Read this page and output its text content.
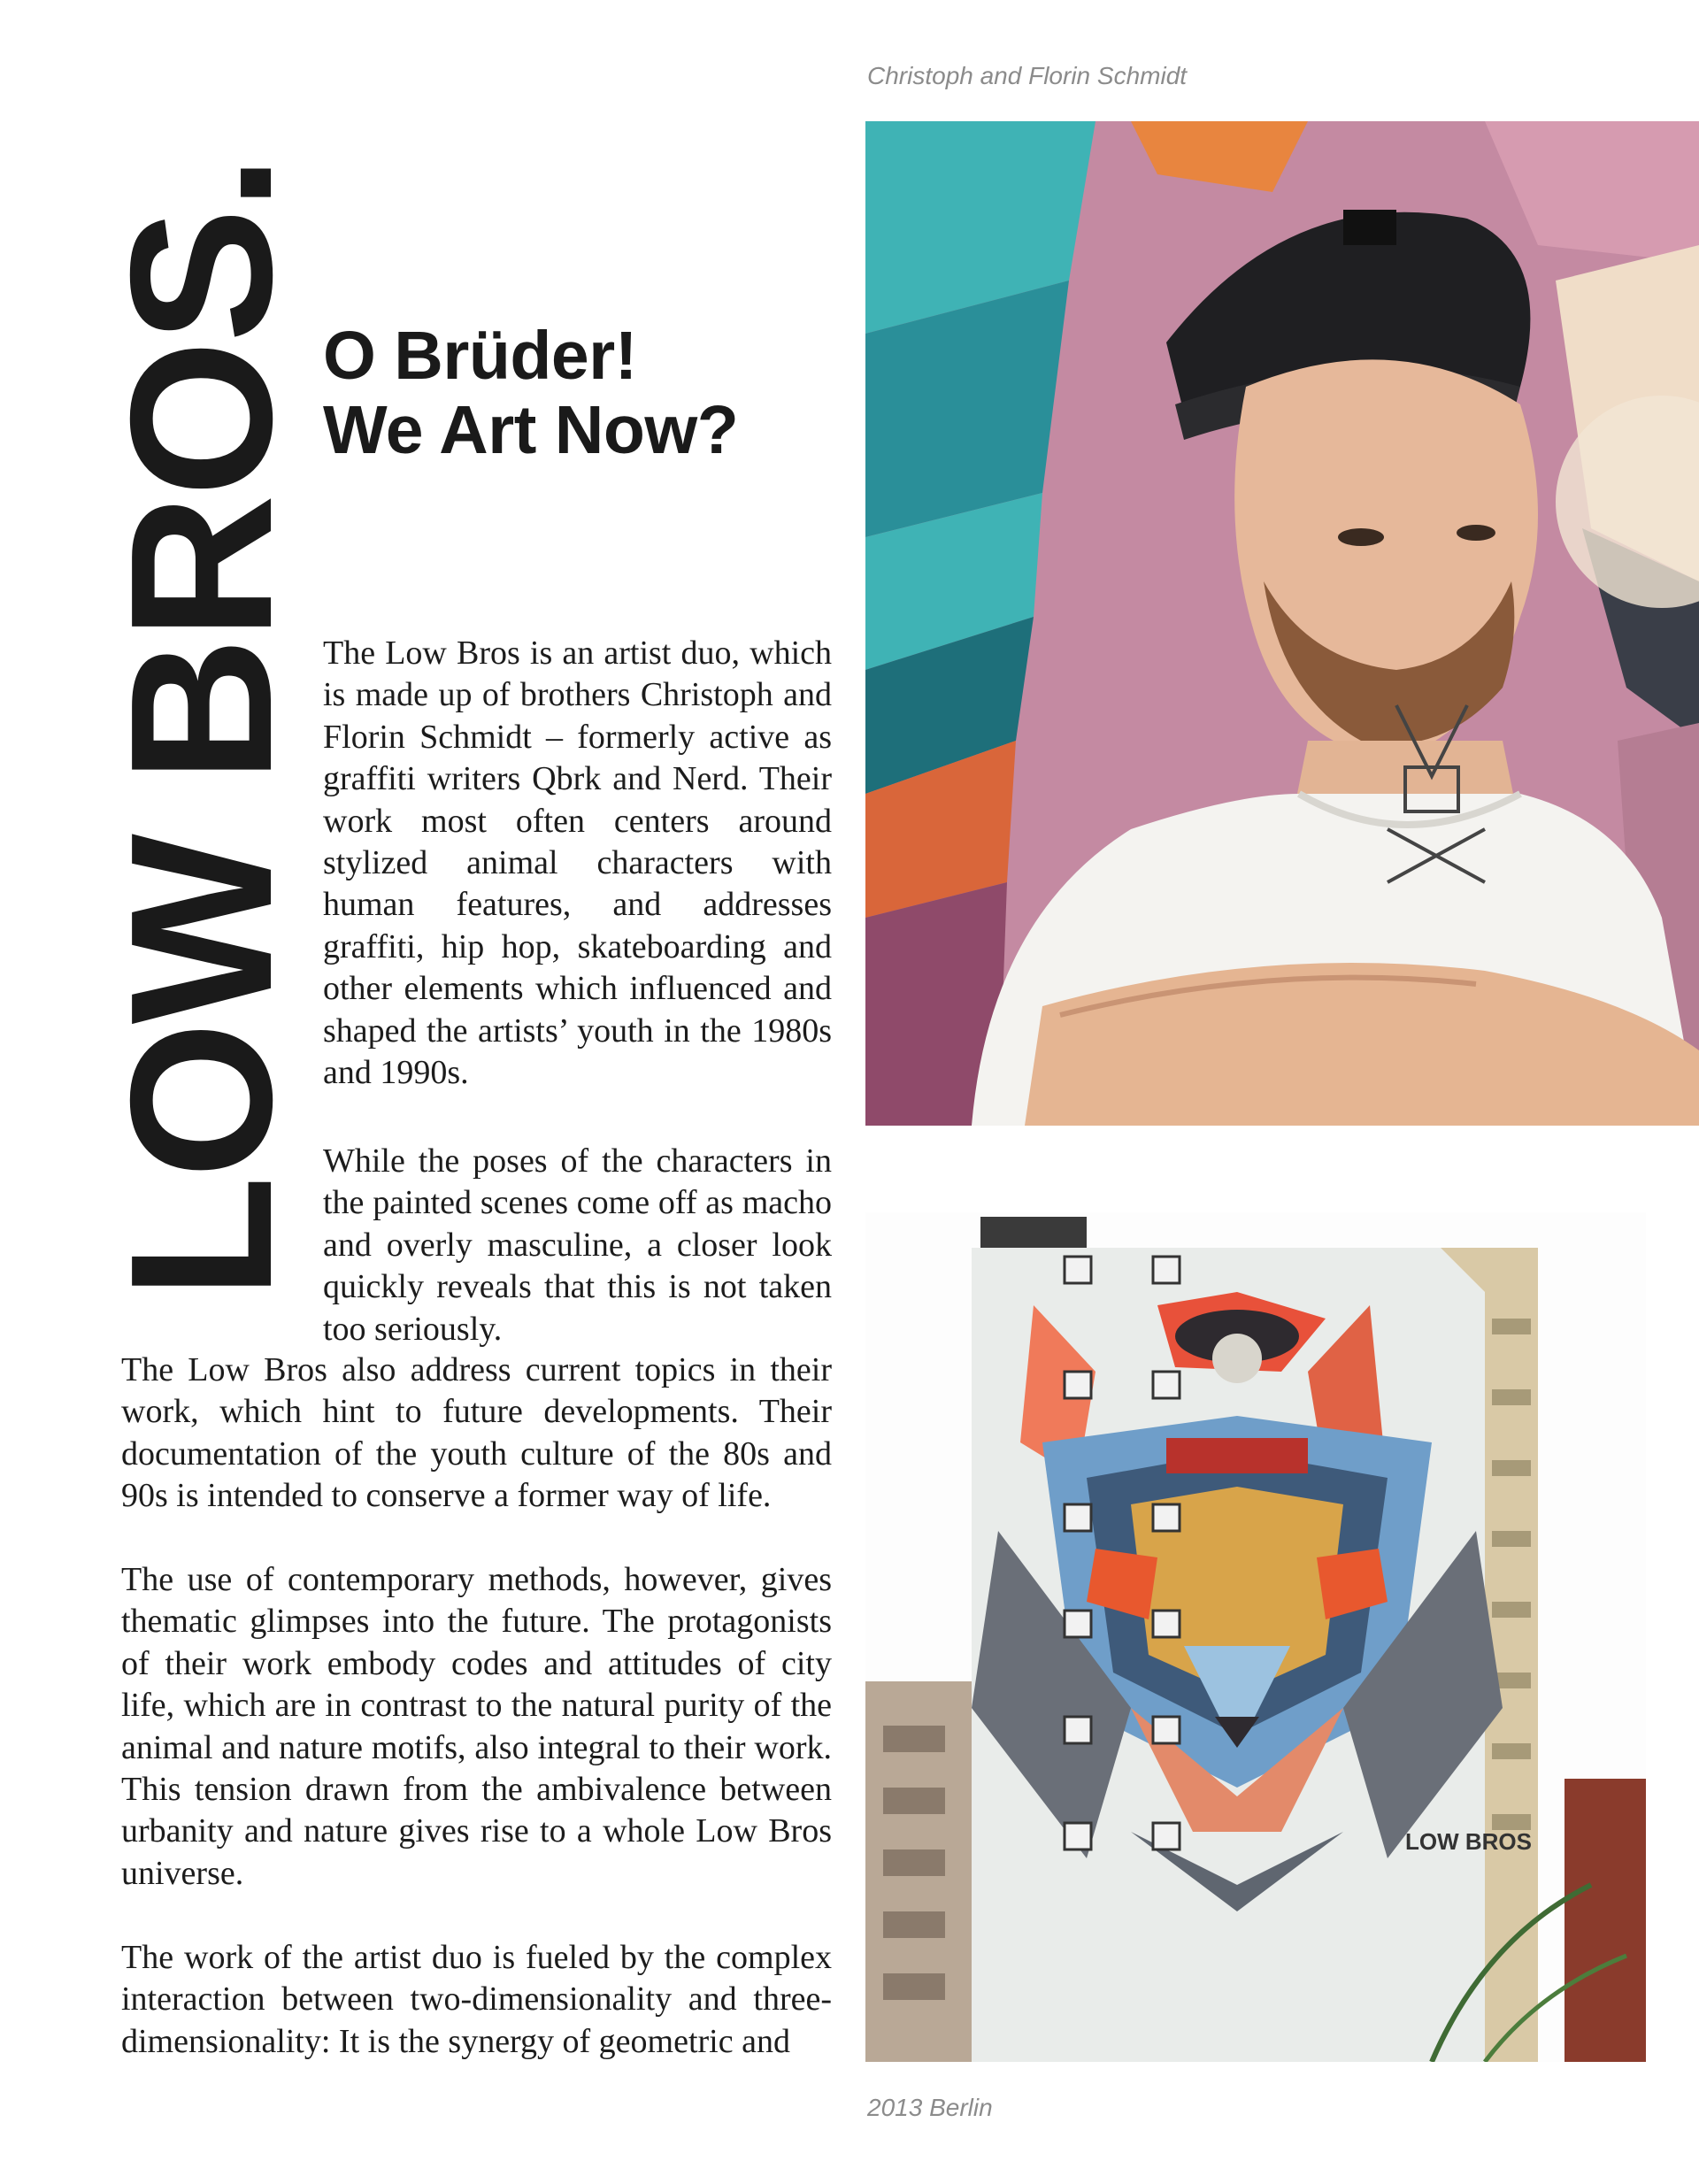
LOW BROS. O Brüder!
We Art Now?
Christoph and Florin Schmidt
LOW BROS
2013 Berlin
The Low Bros is an artist duo, which is made up of brothers Christoph and Florin Schmidt – formerly active as graffiti writers Qbrk and Nerd. Their work most often centers around stylized animal characters with human features, and addresses graffiti, hip hop, skateboarding and other elements which influenced and shaped the artists’ youth in the 1980s and 1990s.
While the poses of the characters in the painted scenes come off as macho and overly masculine, a closer look quickly reveals that this is not taken too seriously.
The Low Bros also address current topics in their work, which hint to future developments. Their documentation of the youth culture of the 80s and 90s is intended to conserve a former way of life.
The use of contemporary methods, however, gives thematic glimpses into the future. The protagonists of their work embody codes and attitudes of city life, which are in contrast to the natural purity of the animal and nature motifs, also integral to their work. This tension drawn from the ambivalence between urbanity and nature gives rise to a whole Low Bros universe.
The work of the artist duo is fueled by the complex interaction between two-dimensionality and three-dimensionality: It is the synergy of geometric and
